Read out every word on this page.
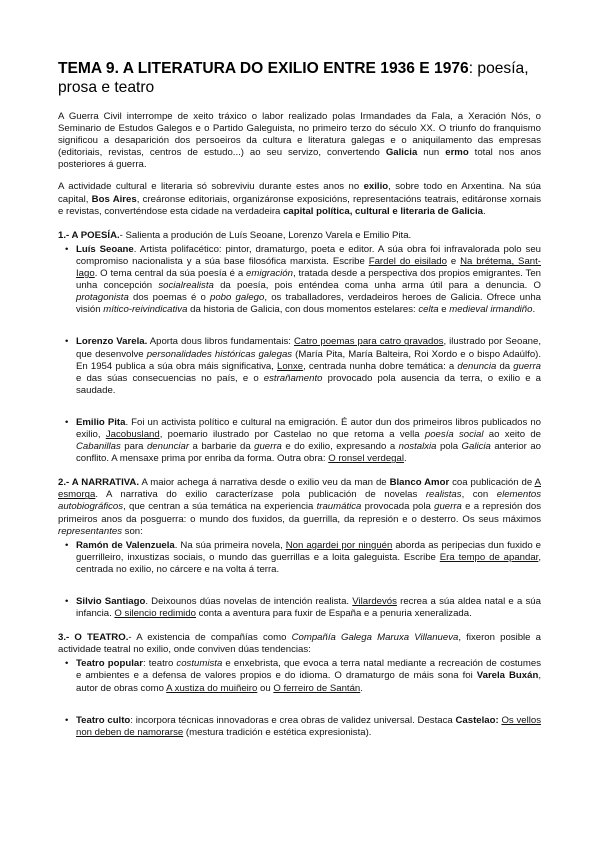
TEMA 9. A LITERATURA DO EXILIO ENTRE 1936 E 1976: poesía, prosa e teatro

A Guerra Civil interrompe de xeito tráxico o labor realizado polas Irmandades da Fala, a Xeración Nós, o Seminario de Estudos Galegos e o Partido Galeguista, no primeiro terzo do século XX. O triunfo do franquismo significou a desaparición dos persoeiros da cultura e literatura galegas e o aniquilamento das empresas (editoriais, revistas, centros de estudo...) ao seu servizo, convertendo Galicia nun ermo total nos anos posteriores á guerra.

A actividade cultural e literaria só sobreviviu durante estes anos no exilio, sobre todo en Arxentina. Na súa capital, Bos Aires, creáronse editoriais, organizáronse exposicións, representacións teatrais, editáronse xornais e revistas, converténdose esta cidade na verdadeira capital política, cultural e literaria de Galicia.

1.- A POESÍA.- Salienta a produción de Luís Seoane, Lorenzo Varela e Emilio Pita.
• Luís Seoane. Artista polifacético: pintor, dramaturgo, poeta e editor. A súa obra foi infravalorada polo seu compromiso nacionalista y a súa base filosófica marxista. Escribe Fardel do eisilado e Na brétema, Sant-Iago. O tema central da súa poesía é a emigración, tratada desde a perspectiva dos propios emigrantes. Ten unha concepción socialrealista da poesía, pois enténdea coma unha arma útil para a denuncia. O protagonista dos poemas é o pobo galego, os traballadores, verdadeiros heroes de Galicia. Ofrece unha visión mítico-reivindicativa da historia de Galicia, con dous momentos estelares: celta e medieval irmandiño.
• Lorenzo Varela. Aporta dous libros fundamentais: Catro poemas para catro gravados, ilustrado por Seoane, que desenvolve personalidades históricas galegas (María Pita, María Balteira, Roi Xordo e o bispo Adaúlfo). En 1954 publica a súa obra máis significativa, Lonxe, centrada nunha dobre temática: a denuncia da guerra e das súas consecuencias no país, e o estrañamento provocado pola ausencia da terra, o exilio e a saudade.
• Emilio Pita. Foi un activista político e cultural na emigración. É autor dun dos primeiros libros publicados no exilio, Jacobusland, poemario ilustrado por Castelao no que retoma a vella poesía social ao xeito de Cabanillas para denunciar a barbarie da guerra e do exilio, expresando a nostalxia pola Galicia anterior ao conflito. A mensaxe prima por enriba da forma. Outra obra: O ronsel verdegal.

2.- A NARRATIVA. A maior achega á narrativa desde o exilio veu da man de Blanco Amor coa publicación de A esmorga. A narrativa do exilio caracterízase pola publicación de novelas realistas, con elementos autobiográficos, que centran a súa temática na experiencia traumática provocada pola guerra e a represión dos primeiros anos da posguerra: o mundo dos fuxidos, da guerrilla, da represión e o desterro. Os seus máximos representantes son:

• Ramón de Valenzuela. Na súa primeira novela, Non agardei por ninguén aborda as peripecias dun fuxido e guerrilleiro, inxustizas sociais, o mundo das guerrillas e a loita galeguista. Escribe Era tempo de apandar, centrada no exilio, no cárcere e na volta á terra.
• Silvio Santiago. Deixounos dúas novelas de intención realista. Vilardevós recrea a súa aldea natal e a súa infancia. O silencio redimido conta a aventura para fuxir de España e a penuria xeneralizada.

3.- O TEATRO.- A existencia de compañías como Compañía Galega Maruxa Villanueva, fixeron posible a actividade teatral no exilio, onde conviven dúas tendencias:

• Teatro popular: teatro costumista e enxebrista, que evoca a terra natal mediante a recreación de costumes e ambientes e a defensa de valores propios e do idioma. O dramaturgo de máis sona foi Varela Buxán, autor de obras como A xustiza do muiñeiro ou O ferreiro de Santán.
• Teatro culto: incorpora técnicas innovadoras e crea obras de validez universal. Destaca Castelao: Os vellos non deben de namorarse (mestura tradición e estética expresionista).
